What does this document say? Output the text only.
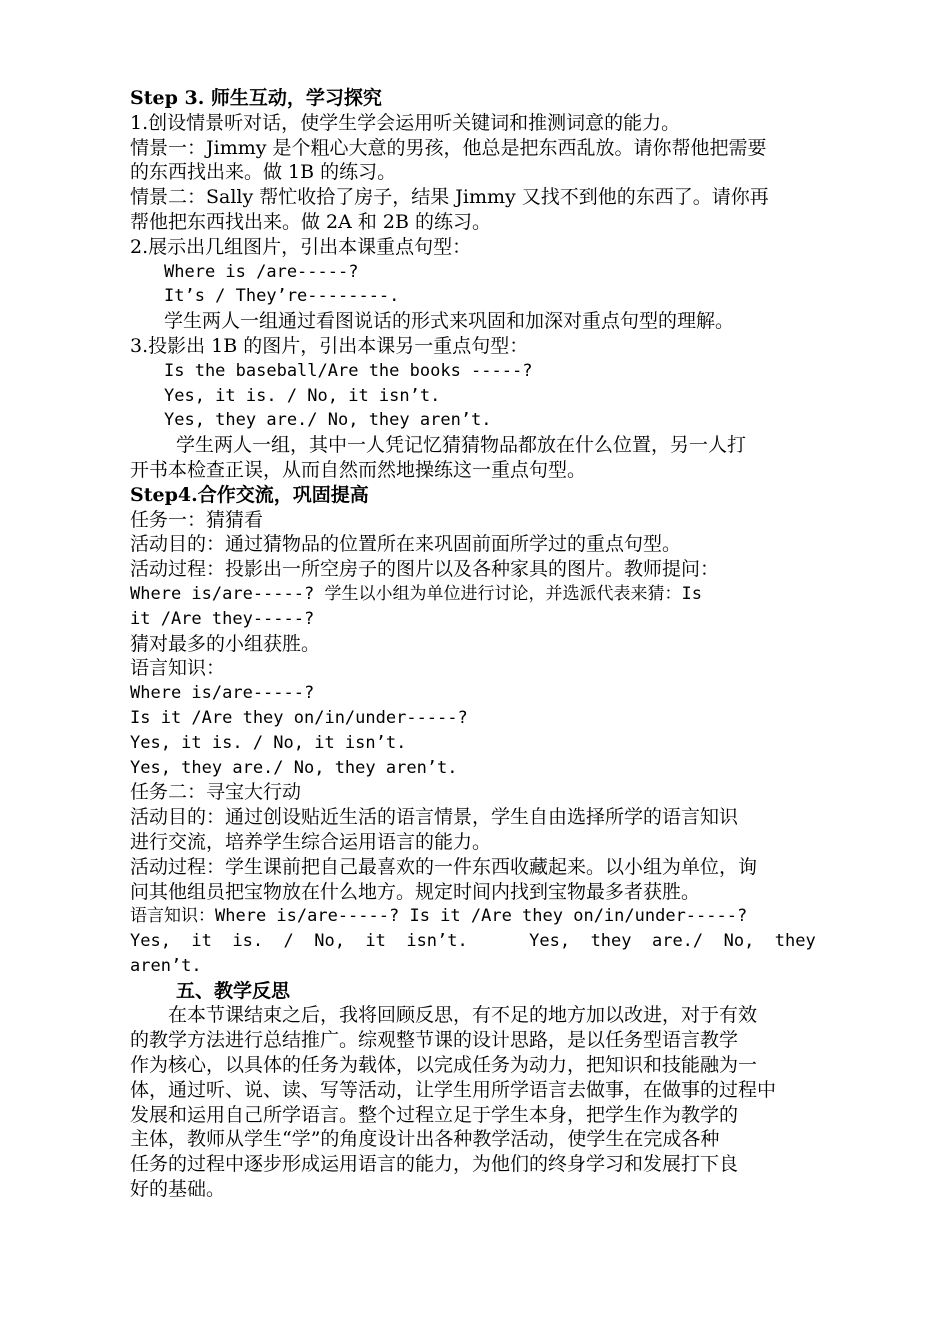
Step 3. 师生互动，学习探究
1.创设情景听对话，使学生学会运用听关键词和推测词意的能力。
情景一：Jimmy 是个粗心大意的男孩，他总是把东西乱放。请你帮他把需要
的东西找出来。做 1B 的练习。
情景二：Sally 帮忙收拾了房子，结果 Jimmy 又找不到他的东西了。请你再
帮他把东西找出来。做 2A 和 2B 的练习。
2.展示出几组图片，引出本课重点句型：
Where is /are-----?
It’s / They’re--------.
学生两人一组通过看图说话的形式来巩固和加深对重点句型的理解。
3.投影出 1B 的图片，引出本课另一重点句型：
Is the baseball/Are the books -----?
Yes, it is. / No, it isn’t.
Yes, they are./ No, they aren’t.
学生两人一组，其中一人凭记忆猜猜物品都放在什么位置，另一人打
开书本检查正误，从而自然而然地操练这一重点句型。
Step4.合作交流，巩固提高
任务一：猜猜看
活动目的：通过猜物品的位置所在来巩固前面所学过的重点句型。
活动过程：投影出一所空房子的图片以及各种家具的图片。教师提问：
Where is/are-----? 学生以小组为单位进行讨论，并选派代表来猜：Is
it /Are they-----?
猜对最多的小组获胜。
语言知识：
Where is/are-----?
Is it /Are they on/in/under-----?
Yes, it is. / No, it isn’t.
Yes, they are./ No, they aren’t.
任务二：寻宝大行动
活动目的：通过创设贴近生活的语言情景，学生自由选择所学的语言知识
进行交流，培养学生综合运用语言的能力。
活动过程：学生课前把自己最喜欢的一件东西收藏起来。以小组为单位，询
问其他组员把宝物放在什么地方。规定时间内找到宝物最多者获胜。
语言知识：Where is/are-----? Is it /Are they on/in/under-----?
Yes,  it  is.  /  No,  it  isn’t.      Yes,  they  are./  No,  they
aren’t.
五、教学反思
在本节课结束之后，我将回顾反思，有不足的地方加以改进，对于有效
的教学方法进行总结推广。综观整节课的设计思路，是以任务型语言教学
作为核心，以具体的任务为载体，以完成任务为动力，把知识和技能融为一
体，通过听、说、读、写等活动，让学生用所学语言去做事，在做事的过程中
发展和运用自己所学语言。整个过程立足于学生本身，把学生作为教学的
主体，教师从学生“学”的角度设计出各种教学活动，使学生在完成各种
任务的过程中逐步形成运用语言的能力，为他们的终身学习和发展打下良
好的基础。
